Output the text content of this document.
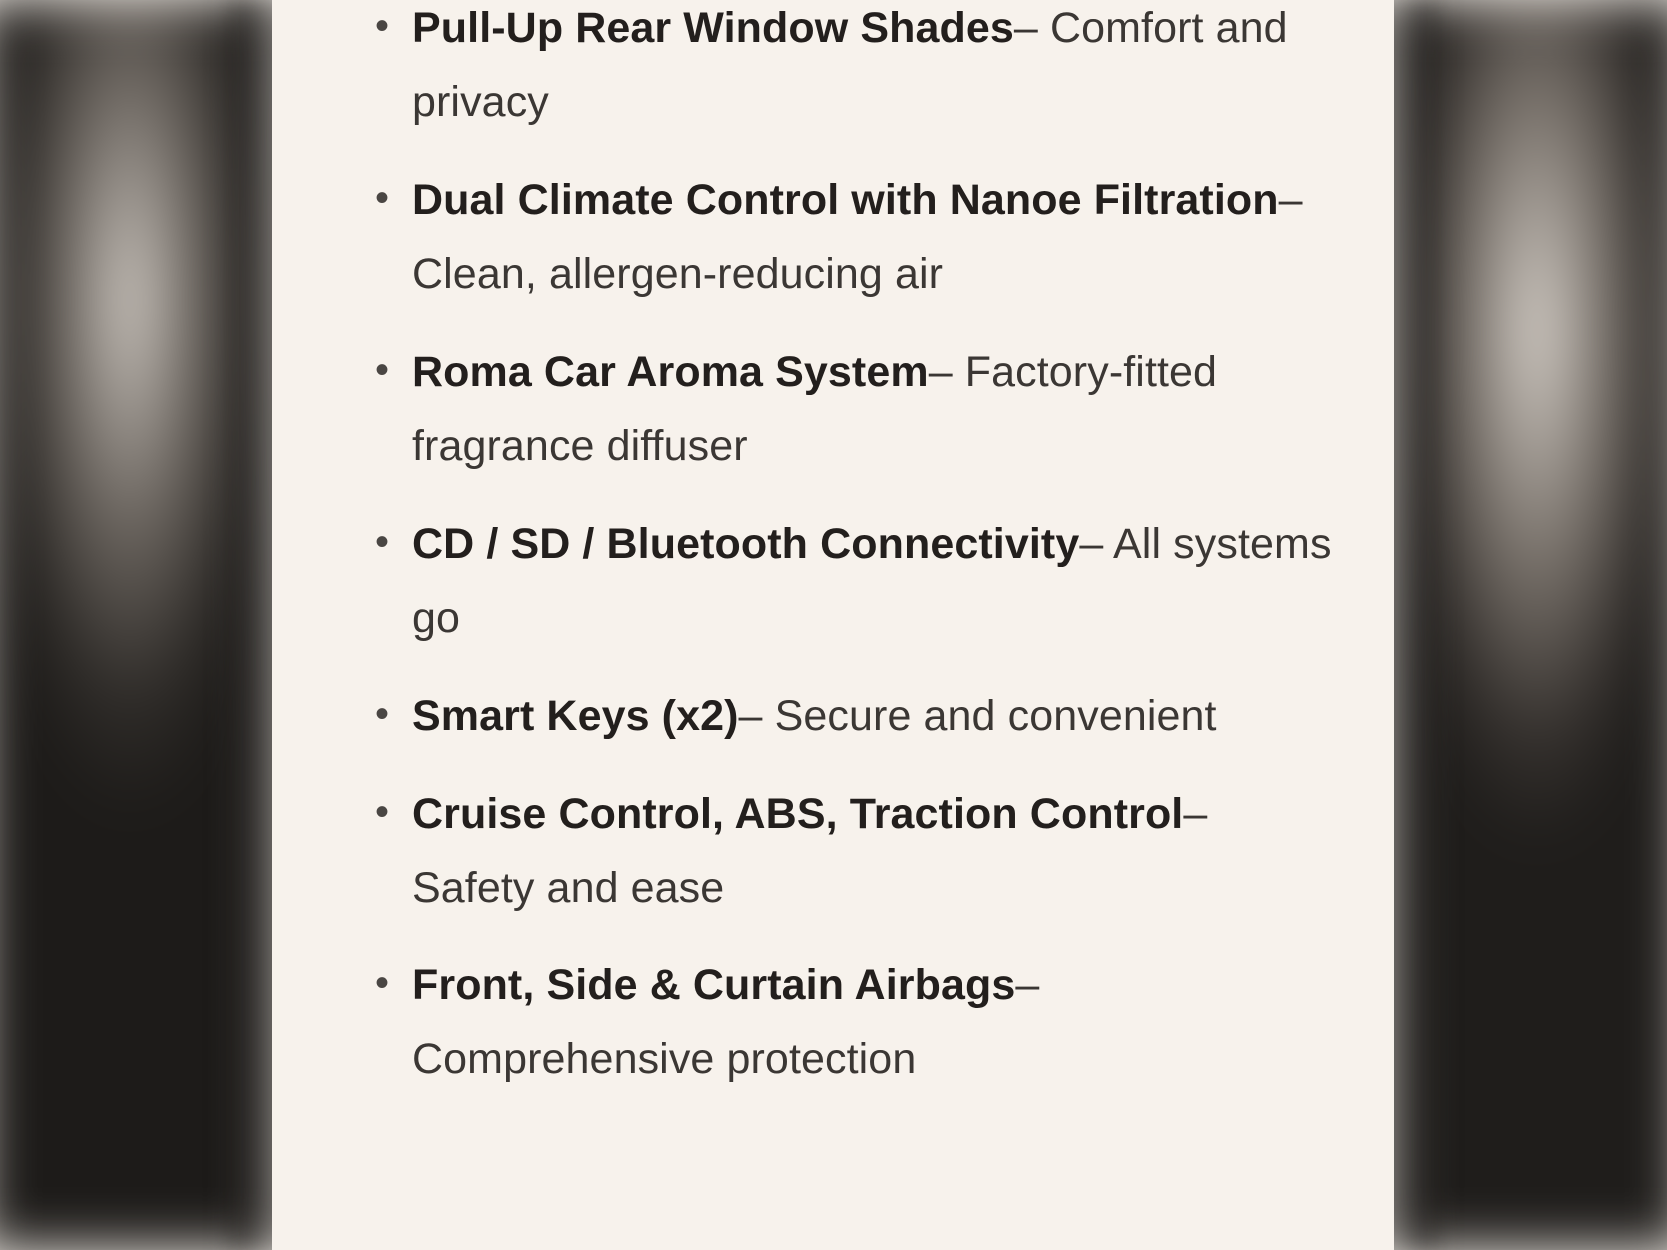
• Pull-Up Rear Window Shades– Comfort and privacy
• Dual Climate Control with Nanoe Filtration– Clean, allergen-reducing air
• Roma Car Aroma System– Factory-fitted fragrance diffuser
• CD / SD / Bluetooth Connectivity– All systems go
• Smart Keys (x2)– Secure and convenient
• Cruise Control, ABS, Traction Control– Safety and ease
• Front, Side & Curtain Airbags– Comprehensive protection
